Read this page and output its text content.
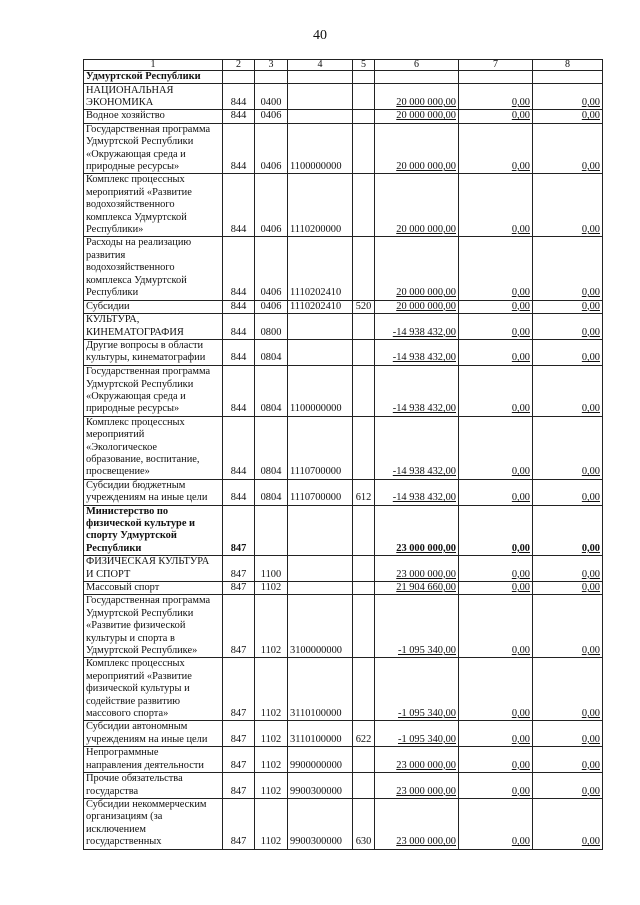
40
1	2	3	4	5	6	7	8

Удмуртской Республики							

НАЦИОНАЛЬНАЯ
ЭКОНОМИКА	844	0400			20 000 000,00	0,00	0,00

Водное хозяйство	844	0406			20 000 000,00	0,00	0,00

Государственная программа
Удмуртской Республики
«Окружающая среда и
природные ресурсы»	844	0406	1100000000		20 000 000,00	0,00	0,00

Комплекс процессных
мероприятий «Развитие
водохозяйственного
комплекса Удмуртской
Республики»	844	0406	1110200000		20 000 000,00	0,00	0,00

Расходы на реализацию
развития
водохозяйственного
комплекса Удмуртской
Республики	844	0406	1110202410		20 000 000,00	0,00	0,00

Субсидии	844	0406	1110202410	520	20 000 000,00	0,00	0,00

КУЛЬТУРА,
КИНЕМАТОГРАФИЯ	844	0800			-14 938 432,00	0,00	0,00

Другие вопросы в области
культуры, кинематографии	844	0804			-14 938 432,00	0,00	0,00

Государственная программа
Удмуртской Республики
«Окружающая среда и
природные ресурсы»	844	0804	1100000000		-14 938 432,00	0,00	0,00

Комплекс процессных
мероприятий
«Экологическое
образование, воспитание,
просвещение»	844	0804	1110700000		-14 938 432,00	0,00	0,00

Субсидии бюджетным
учреждениям на иные цели	844	0804	1110700000	612	-14 938 432,00	0,00	0,00

Министерство по
физической культуре и
спорту Удмуртской
Республики	847				23 000 000,00	0,00	0,00

ФИЗИЧЕСКАЯ КУЛЬТУРА
И СПОРТ	847	1100			23 000 000,00	0,00	0,00

Массовый спорт	847	1102			21 904 660,00	0,00	0,00

Государственная программа
Удмуртской Республики
«Развитие физической
культуры и спорта в
Удмуртской Республике»	847	1102	3100000000		-1 095 340,00	0,00	0,00

Комплекс процессных
мероприятий «Развитие
физической культуры и
содействие развитию
массового спорта»	847	1102	3110100000		-1 095 340,00	0,00	0,00

Субсидии автономным
учреждениям на иные цели	847	1102	3110100000	622	-1 095 340,00	0,00	0,00

Непрограммные
направления деятельности	847	1102	9900000000		23 000 000,00	0,00	0,00

Прочие обязательства
государства	847	1102	9900300000		23 000 000,00	0,00	0,00

Субсидии некоммерческим
организациям (за
исключением
государственных	847	1102	9900300000	630	23 000 000,00	0,00	0,00
